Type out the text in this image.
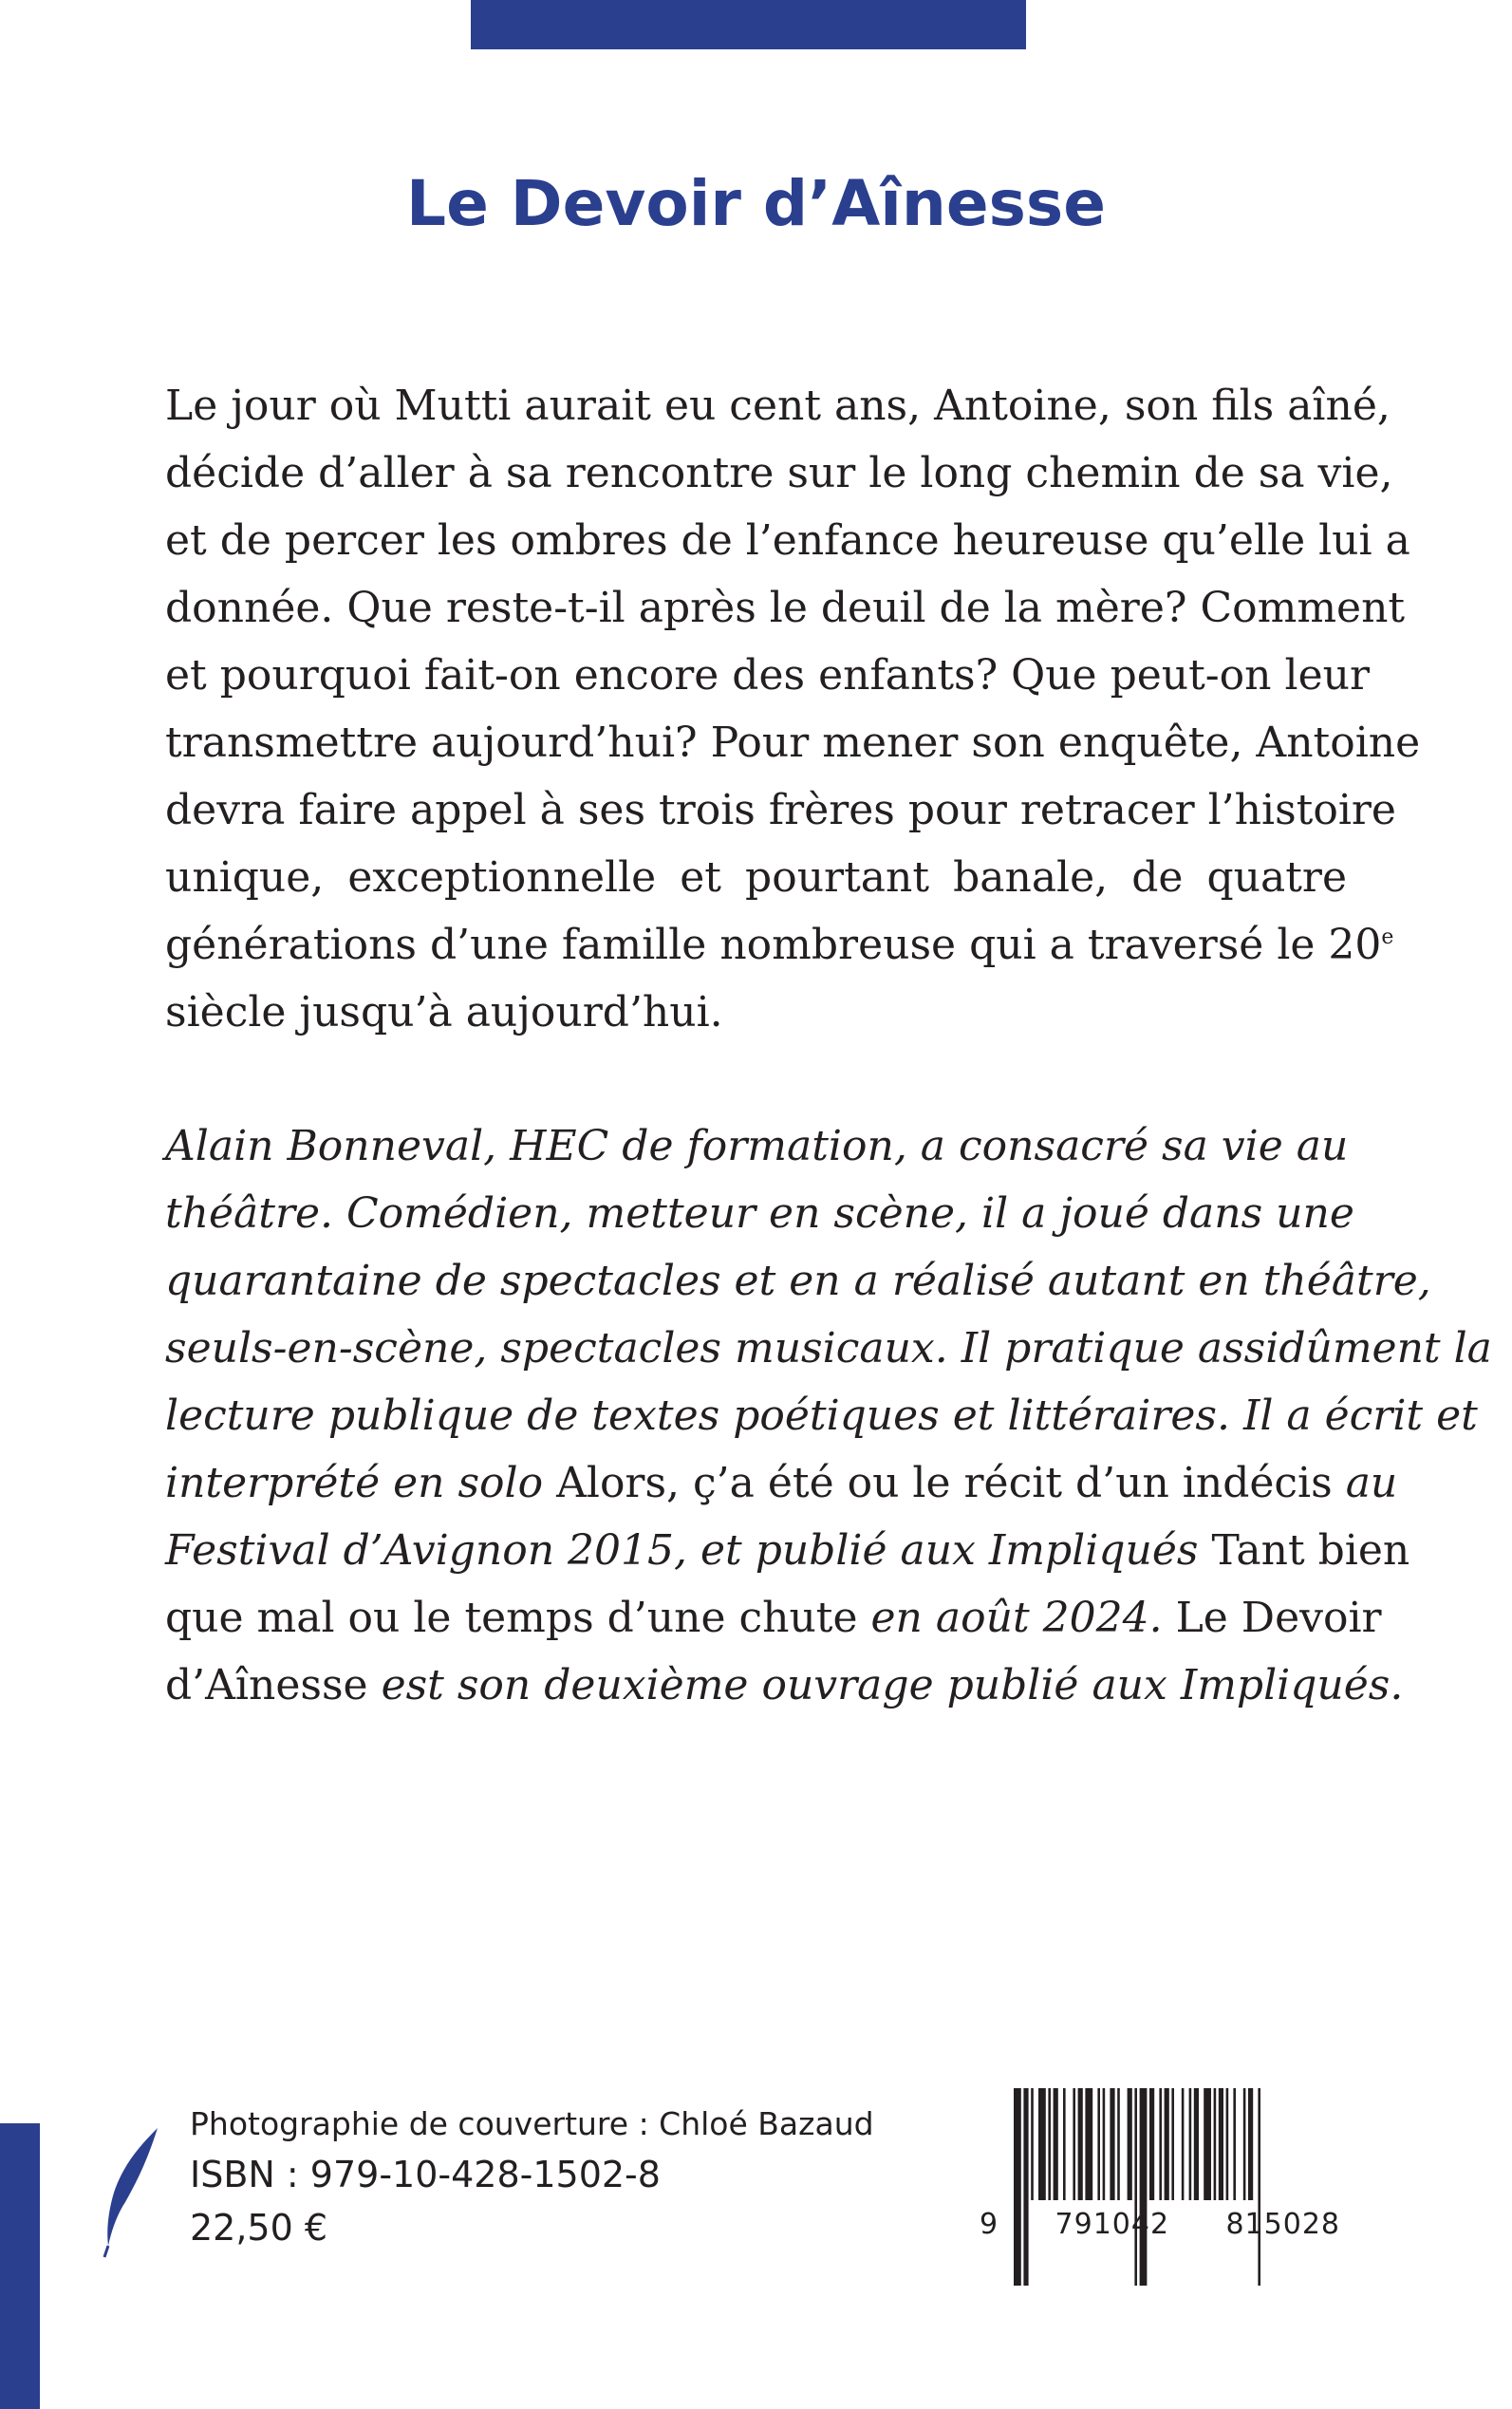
Le Devoir d’Aînesse
Le jour où Mutti aurait eu cent ans, Antoine, son fils aîné,
décide d’aller à sa rencontre sur le long chemin de sa vie,
et de percer les ombres de l’enfance heureuse qu’elle lui a
donnée. Que reste-t-il après le deuil de la mère? Comment
et pourquoi fait-on encore des enfants? Que peut-on leur
transmettre aujourd’hui? Pour mener son enquête, Antoine
devra faire appel à ses trois frères pour retracer l’histoire
unique, exceptionnelle et pourtant banale, de quatre
générations d’une famille nombreuse qui a traversé le 20e
siècle jusqu’à aujourd’hui.
Alain Bonneval, HEC de formation, a consacré sa vie au
théâtre. Comédien, metteur en scène, il a joué dans une
quarantaine de spectacles et en a réalisé autant en théâtre,
seuls-en-scène, spectacles musicaux. Il pratique assidûment la
lecture publique de textes poétiques et littéraires. Il a écrit et
interprété en solo Alors, ç’a été ou le récit d’un indécis au
Festival d’Avignon 2015, et publié aux Impliqués Tant bien
que mal ou le temps d’une chute en août 2024. Le Devoir
d’Aînesse est son deuxième ouvrage publié aux Impliqués.
Photographie de couverture : Chloé Bazaud
ISBN : 979-10-428-1502-8
22,50 €	9 791042 815028
